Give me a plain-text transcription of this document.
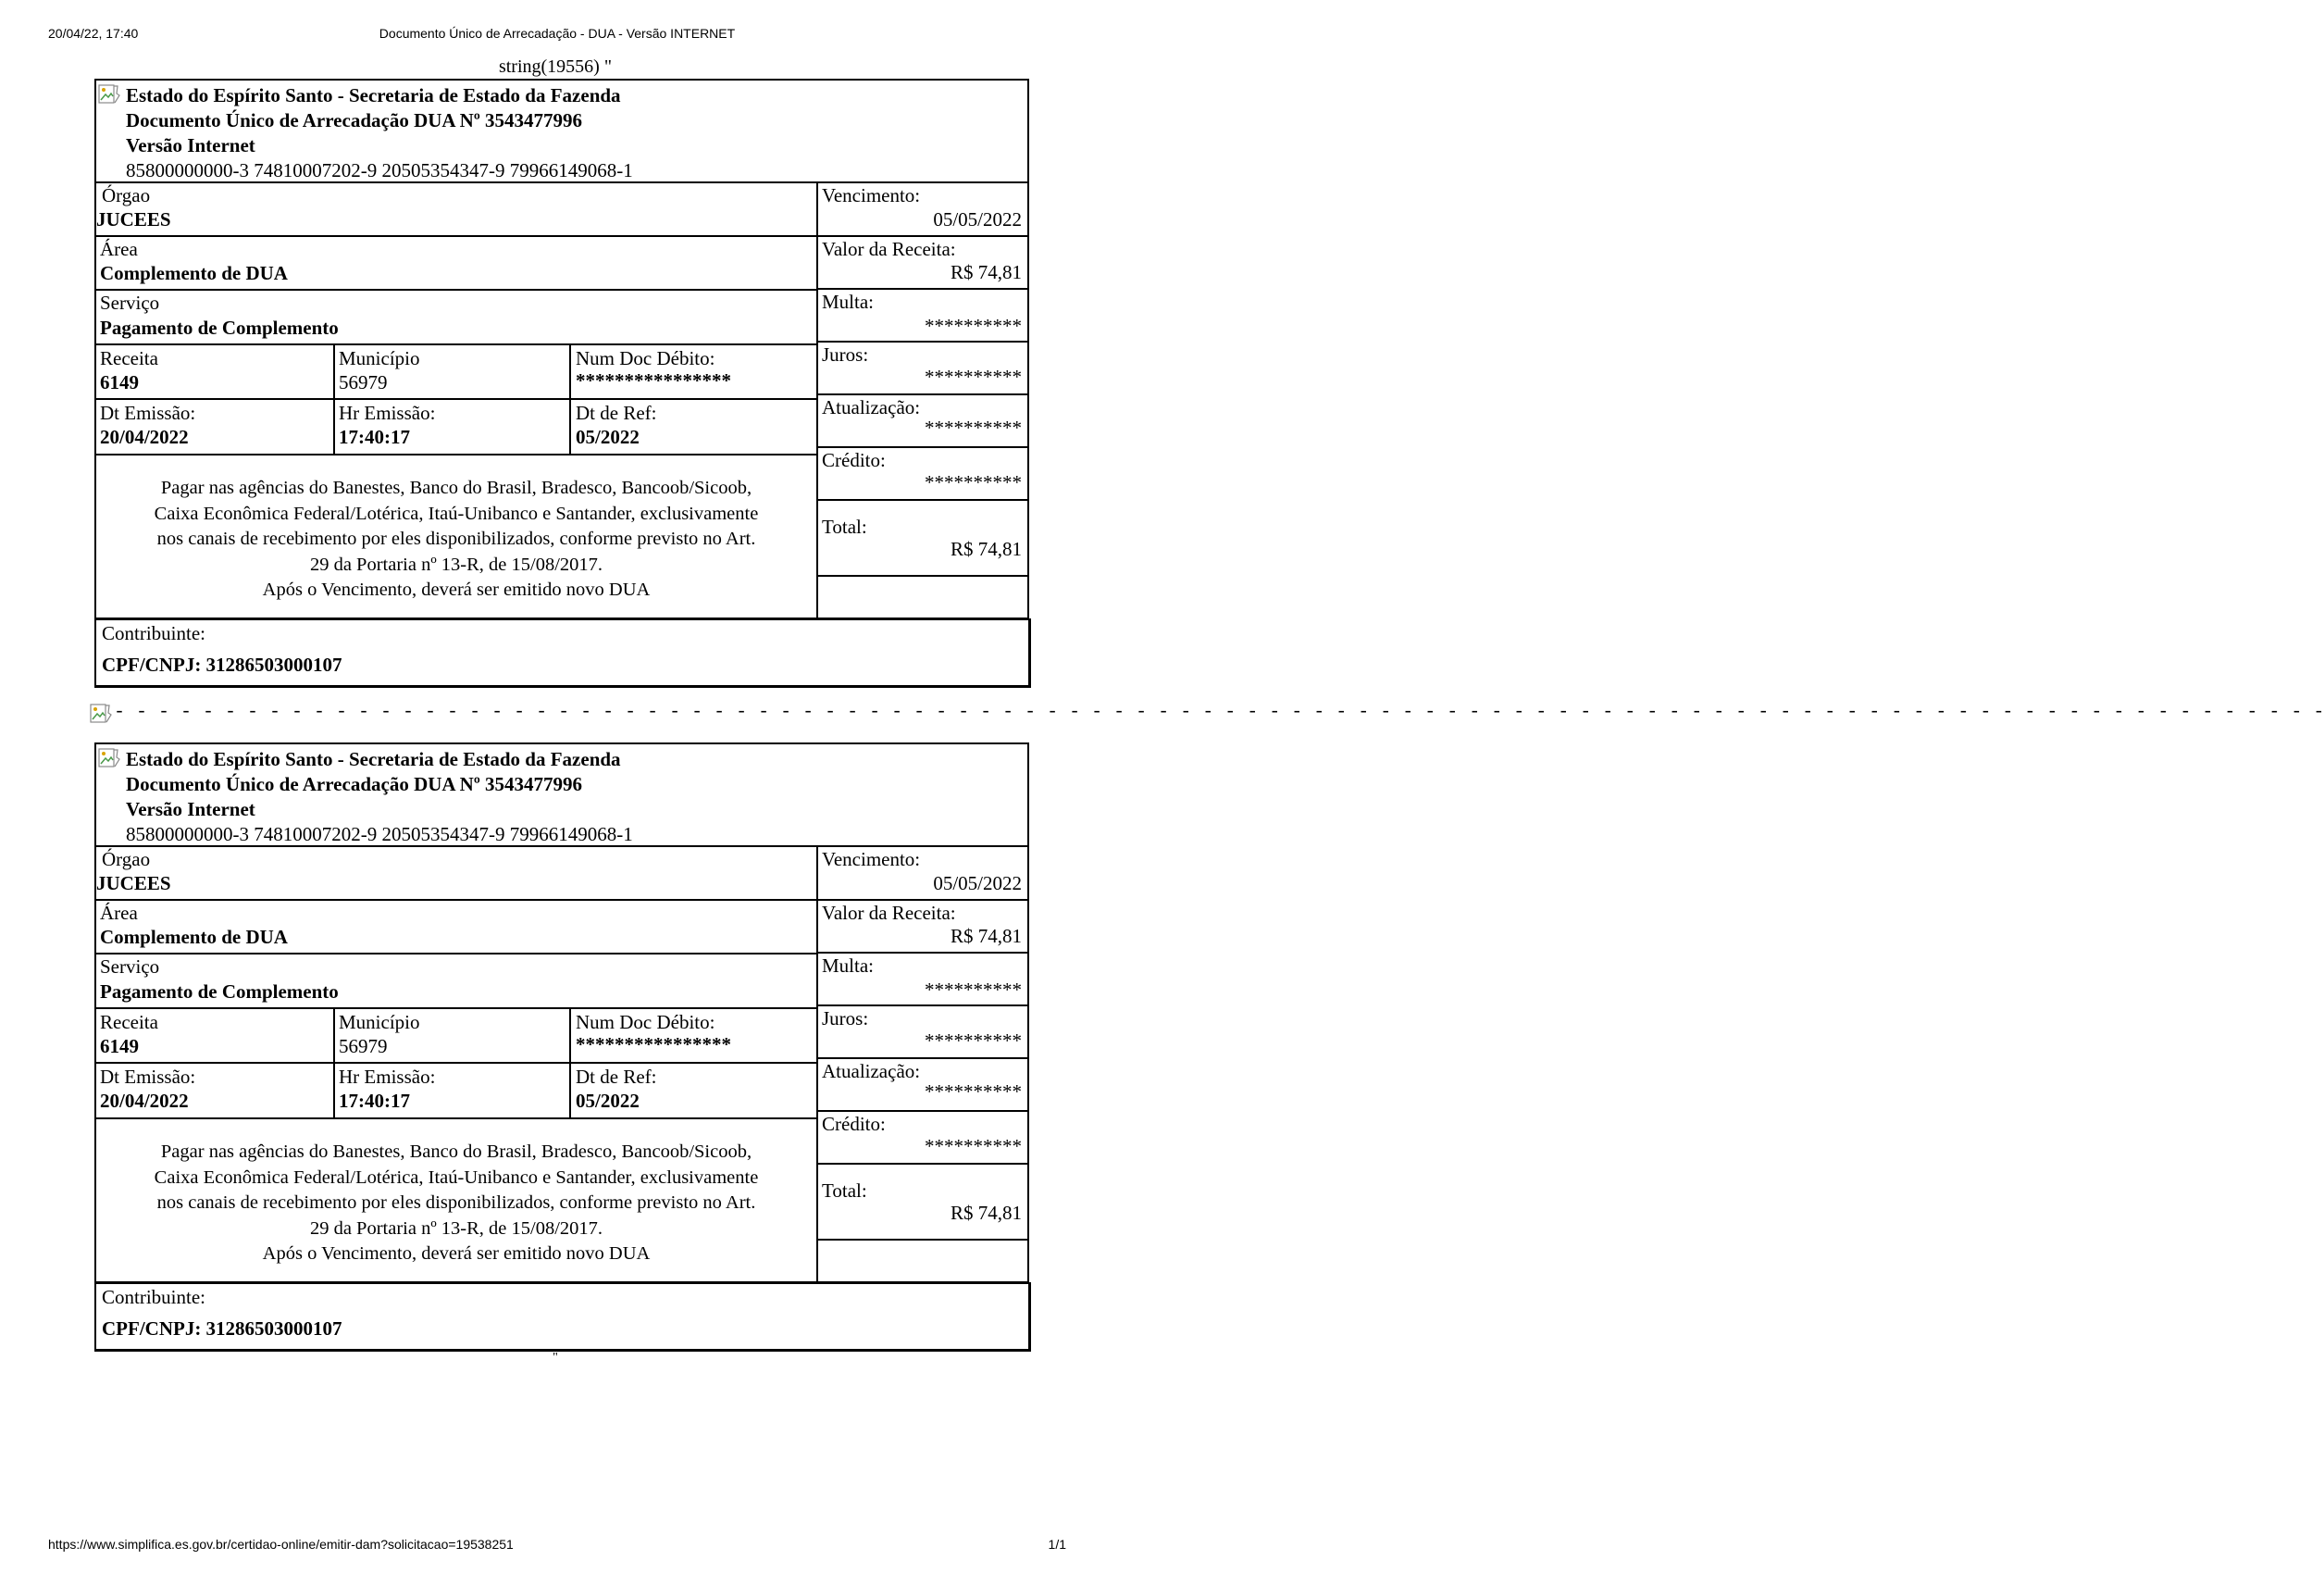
20/04/22, 17:40	Documento Único de Arrecadação - DUA - Versão INTERNET
string(19556) "
Estado do Espírito Santo - Secretaria de Estado da Fazenda
Documento Único de Arrecadação DUA Nº 3543477996
Versão Internet
85800000000-3 74810007202-9 20505354347-9 79966149068-1
Órgao
JUCEES
Área
Complemento de DUA
Serviço
Pagamento de Complemento
Receita
6149
Município
56979
Num Doc Débito:
****************
Dt Emissão:
20/04/2022
Hr Emissão:
17:40:17
Dt de Ref:
05/2022
Pagar nas agências do Banestes, Banco do Brasil, Bradesco, Bancoob/Sicoob,
Caixa Econômica Federal/Lotérica, Itaú-Unibanco e Santander, exclusivamente
nos canais de recebimento por eles disponibilizados, conforme previsto no Art.
29 da Portaria nº 13-R, de 15/08/2017.
Após o Vencimento, deverá ser emitido novo DUA
Vencimento:
05/05/2022
Valor da Receita:
R$ 74,81
Multa:
**********
Juros:
**********
Atualização:
**********
Crédito:
**********
Total:
R$ 74,81
Contribuinte:
CPF/CNPJ: 31286503000107
- - - - - - - - - - - - - - - - - - - - - - - - - - - - - - - - - - - - - - - - - - - - - - - - - - - - - - - - - - - - - - - - - - - - - - - - - - - - - - - - - - - - - - - - - - - - - - - - - - - -
Estado do Espírito Santo - Secretaria de Estado da Fazenda
Documento Único de Arrecadação DUA Nº 3543477996
Versão Internet
85800000000-3 74810007202-9 20505354347-9 79966149068-1
Órgao
JUCEES
Área
Complemento de DUA
Serviço
Pagamento de Complemento
Receita
6149
Município
56979
Num Doc Débito:
****************
Dt Emissão:
20/04/2022
Hr Emissão:
17:40:17
Dt de Ref:
05/2022
Pagar nas agências do Banestes, Banco do Brasil, Bradesco, Bancoob/Sicoob,
Caixa Econômica Federal/Lotérica, Itaú-Unibanco e Santander, exclusivamente
nos canais de recebimento por eles disponibilizados, conforme previsto no Art.
29 da Portaria nº 13-R, de 15/08/2017.
Após o Vencimento, deverá ser emitido novo DUA
Vencimento:
05/05/2022
Valor da Receita:
R$ 74,81
Multa:
**********
Juros:
**********
Atualização:
**********
Crédito:
**********
Total:
R$ 74,81
Contribuinte:
CPF/CNPJ: 31286503000107
"
https://www.simplifica.es.gov.br/certidao-online/emitir-dam?solicitacao=19538251	1/1
